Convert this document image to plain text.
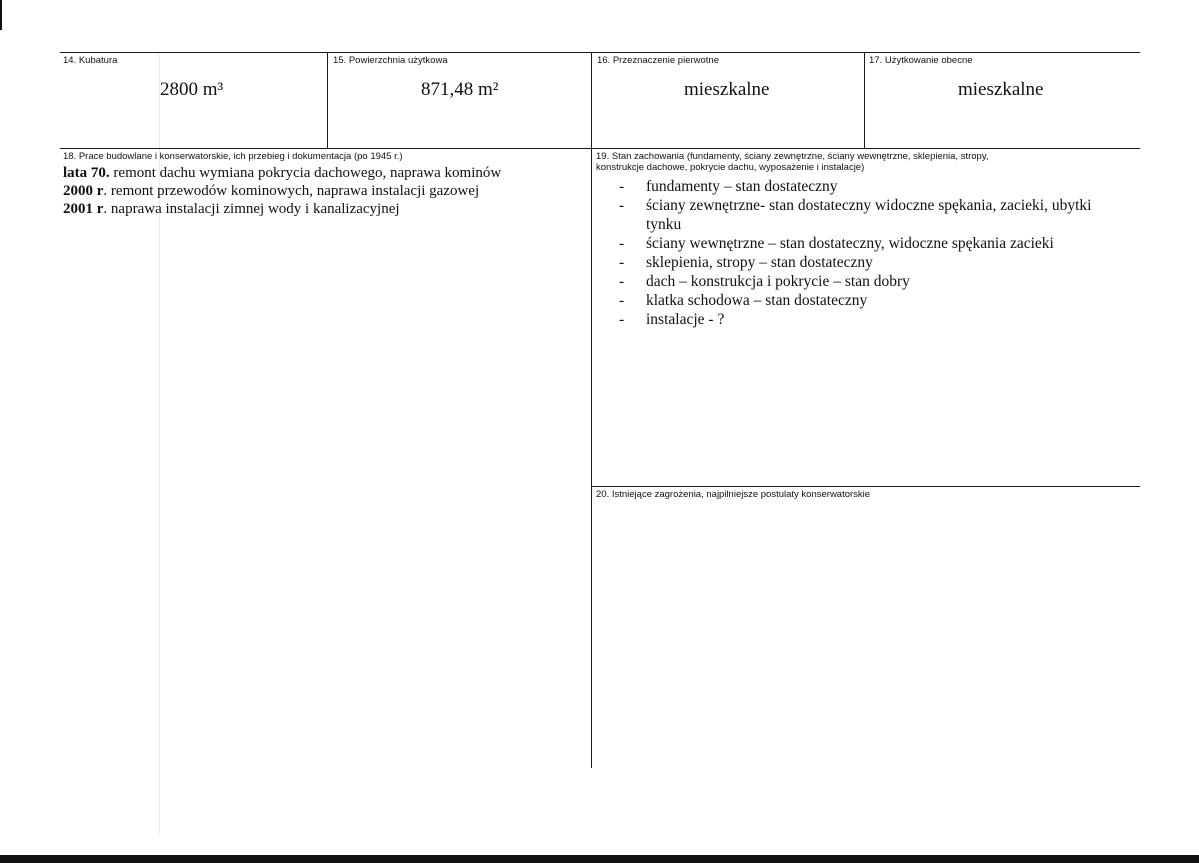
14. Kubatura
2800 m³
15. Powierzchnia użytkowa
871,48 m²
16. Przeznaczenie pierwotne
mieszkalne
17. Użytkowanie obecne
mieszkalne
18. Prace budowlane i konserwatorskie, ich przebieg i dokumentacja (po 1945 r.)
lata 70. remont dachu wymiana pokrycia dachowego, naprawa kominów
2000 r. remont przewodów kominowych, naprawa instalacji gazowej
2001 r. naprawa instalacji zimnej wody i kanalizacyjnej
19. Stan zachowania (fundamenty, ściany zewnętrzne, ściany wewnętrzne, sklepienia, stropy,
konstrukcje dachowe, pokrycie dachu, wyposażenie i instalacje)
- fundamenty – stan dostateczny
- ściany zewnętrzne- stan dostateczny widoczne spękania, zacieki, ubytki tynku
- ściany wewnętrzne – stan dostateczny, widoczne spękania zacieki
- sklepienia, stropy – stan dostateczny
- dach – konstrukcja i pokrycie – stan dobry
- klatka schodowa – stan dostateczny
- instalacje - ?
20. Istniejące zagrożenia, najpilniejsze postulaty konserwatorskie
